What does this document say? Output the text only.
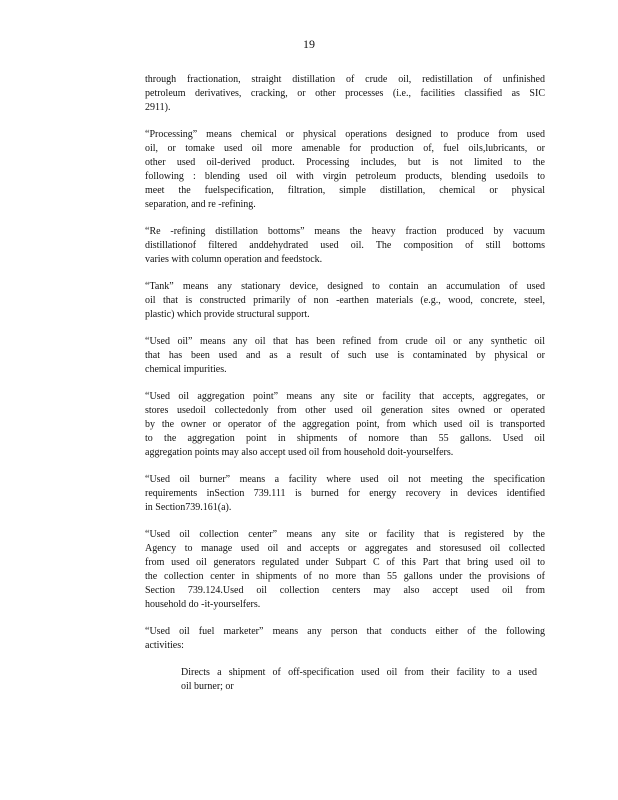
19

through fractionation, straight distillation of crude oil, redistillation of unfinished
petroleum derivatives, cracking, or other processes (i.e., facilities classified as SIC
2911).

“Processing” means chemical or physical operations designed to produce from used
oil, or tomake used oil more amenable for production of, fuel oils,lubricants, or
other used oil-derived product. Processing includes, but is not limited to the
following : blending used oil with virgin petroleum products, blending usedoils to
meet the fuelspecification, filtration, simple distillation, chemical or physical
separation, and re -refining.

“Re -refining distillation bottoms” means the heavy fraction produced by vacuum
distillationof filtered anddehydrated used oil. The composition of still bottoms
varies with column operation and feedstock.

“Tank” means any stationary device, designed to contain an accumulation of used
oil that is constructed primarily of non -earthen materials (e.g., wood, concrete, steel,
plastic) which provide structural support.

“Used oil” means any oil that has been refined from crude oil or any synthetic oil
that has been used and as a result of such use is contaminated by physical or
chemical impurities.

“Used oil aggregation point” means any site or facility that accepts, aggregates, or
stores usedoil collectedonly from other used oil generation sites owned or operated
by the owner or operator of the aggregation point, from which used oil is transported
to the aggregation point in shipments of nomore than 55 gallons. Used oil
aggregation points may also accept used oil from household doit-yourselfers.

“Used oil burner” means a facility where used oil not meeting the specification
requirements inSection 739.111 is burned for energy recovery in devices identified
in Section739.161(a).

“Used oil collection center” means any site or facility that is registered by the
Agency to manage used oil and accepts or aggregates and storesused oil collected
from used oil generators regulated under Subpart C of this Part that bring used oil to
the collection center in shipments of no more than 55 gallons under the provisions of
Section 739.124.Used oil collection centers may also accept used oil from
household do -it-yourselfers.

“Used oil fuel marketer” means any person that conducts either of the following
activities:

Directs a shipment of off-specification used oil from their facility to a used
oil burner; or
